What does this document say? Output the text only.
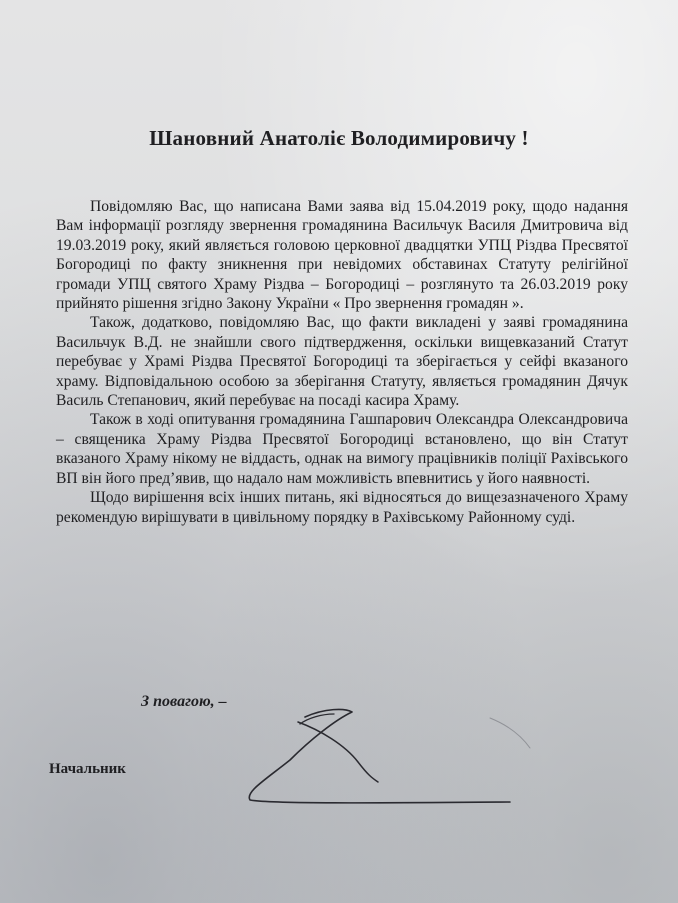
Шановний Анатоліє Володимировичу !

Повідомляю Вас, що написана Вами заява від 15.04.2019 року, щодо надання Вам інформації розгляду звернення громадянина Васильчук Василя Дмитровича від 19.03.2019 року, який являється головою церковної двадцятки УПЦ Різдва Пресвятої Богородиці по факту зникнення при невідомих обставинах Статуту релігійної громади УПЦ святого Храму Різдва – Богородиці – розглянуто та 26.03.2019 року прийнято рішення згідно Закону України « Про звернення громадян ».

Також, додатково, повідомляю Вас, що факти викладені у заяві громадянина Васильчук В.Д. не знайшли свого підтвердження, оскільки вищевказаний Статут перебуває у Храмі Різдва Пресвятої Богородиці та зберігається у сейфі вказаного храму. Відповідальною особою за зберігання Статуту, являється громадянин Дячук Василь Степанович, який перебуває на посаді касира Храму.

Також в ході опитування громадянина Гашпарович Олександра Олександровича – священика Храму Різдва Пресвятої Богородиці встановлено, що він Статут вказаного Храму нікому не віддасть, однак на вимогу працівників поліції Рахівського ВП він його пред’явив, що надало нам можливість впевнитись у його наявності.

Щодо вирішення всіх інших питань, які відносяться до вищезазначеного Храму рекомендую вирішувати в цивільному порядку в Рахівському Районному суді.

З повагою, –
Начальник
